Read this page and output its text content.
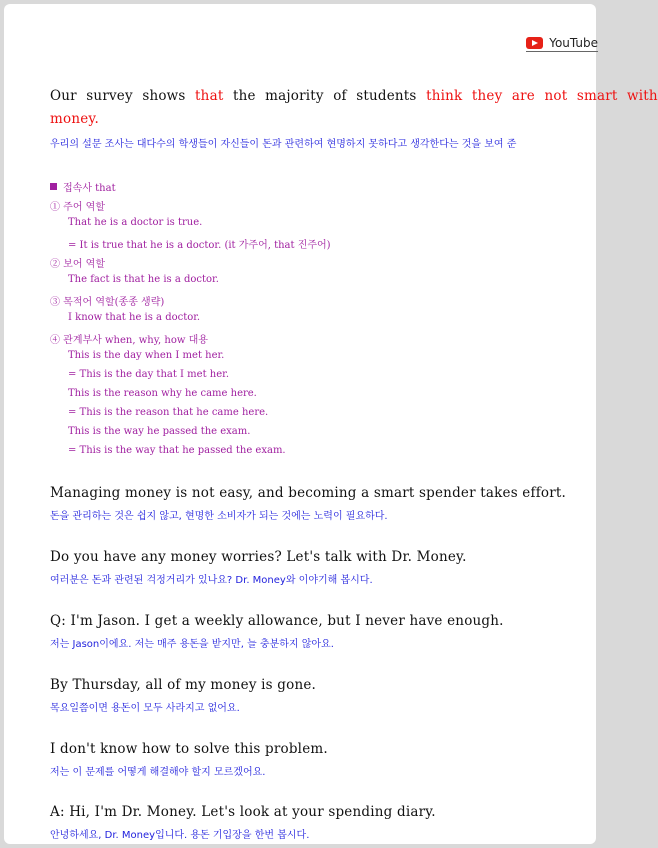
YouTube
Our survey shows that the majority of students think they are not smart with
money.
우리의 설문 조사는 대다수의 학생들이 자신들이 돈과 관련하여 현명하지 못하다고 생각한다는 것을 보여 준
접속사 that
① 주어 역할
That he is a doctor is true.
= It is true that he is a doctor. (it 가주어, that 진주어)
② 보어 역할
The fact is that he is a doctor.
③ 목적어 역할(종종 생략)
I know that he is a doctor.
④ 관계부사 when, why, how 대용
This is the day when I met her.
= This is the day that I met her.
This is the reason why he came here.
= This is the reason that he came here.
This is the way he passed the exam.
= This is the way that he passed the exam.
Managing money is not easy, and becoming a smart spender takes effort.
돈을 관리하는 것은 쉽지 않고, 현명한 소비자가 되는 것에는 노력이 필요하다.
Do you have any money worries? Let's talk with Dr. Money.
여러분은 돈과 관련된 걱정거리가 있나요? Dr. Money와 이야기해 봅시다.
Q: I'm Jason. I get a weekly allowance, but I never have enough.
저는 Jason이에요. 저는 매주 용돈을 받지만, 늘 충분하지 않아요.
By Thursday, all of my money is gone.
목요일쯤이면 용돈이 모두 사라지고 없어요.
I don't know how to solve this problem.
저는 이 문제를 어떻게 해결해야 할지 모르겠어요.
A: Hi, I'm Dr. Money. Let's look at your spending diary.
안녕하세요, Dr. Money입니다. 용돈 기입장을 한번 봅시다.
